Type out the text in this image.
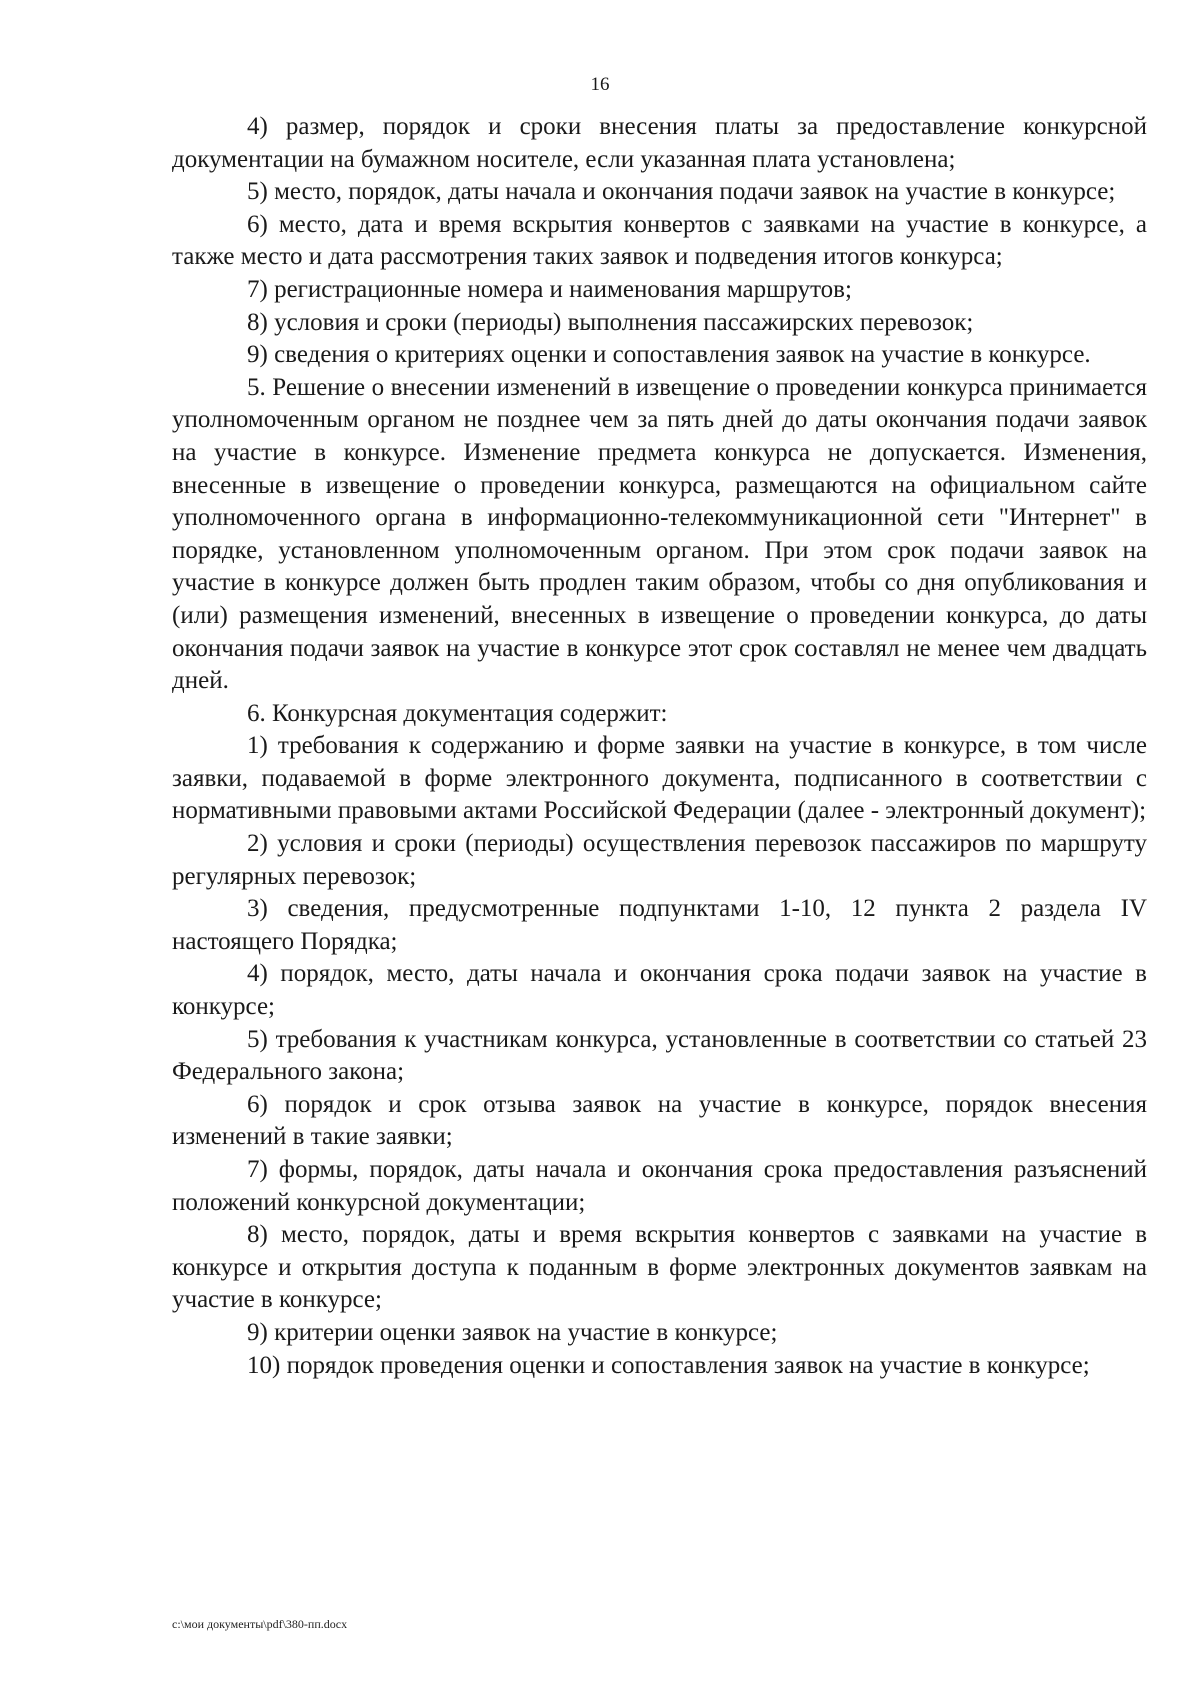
16

4) размер, порядок и сроки внесения платы за предоставление конкурсной документации на бумажном носителе, если указанная плата установлена;

5) место, порядок, даты начала и окончания подачи заявок на участие в конкурсе;

6) место, дата и время вскрытия конвертов с заявками на участие в конкурсе, а также место и дата рассмотрения таких заявок и подведения итогов конкурса;

7) регистрационные номера и наименования маршрутов;

8) условия и сроки (периоды) выполнения пассажирских перевозок;

9) сведения о критериях оценки и сопоставления заявок на участие в конкурсе.

5. Решение о внесении изменений в извещение о проведении конкурса принимается уполномоченным органом не позднее чем за пять дней до даты окончания подачи заявок на участие в конкурсе. Изменение предмета конкурса не допускается. Изменения, внесенные в извещение о проведении конкурса, размещаются на официальном сайте уполномоченного органа в информационно-телекоммуникационной сети "Интернет" в порядке, установленном уполномоченным органом. При этом срок подачи заявок на участие в конкурсе должен быть продлен таким образом, чтобы со дня опубликования и (или) размещения изменений, внесенных в извещение о проведении конкурса, до даты окончания подачи заявок на участие в конкурсе этот срок составлял не менее чем двадцать дней.

6. Конкурсная документация содержит:

1) требования к содержанию и форме заявки на участие в конкурсе, в том числе заявки, подаваемой в форме электронного документа, подписанного в соответствии с нормативными правовыми актами Российской Федерации (далее - электронный документ);

2) условия и сроки (периоды) осуществления перевозок пассажиров по маршруту регулярных перевозок;

3) сведения, предусмотренные подпунктами 1-10, 12 пункта 2 раздела IV настоящего Порядка;

4) порядок, место, даты начала и окончания срока подачи заявок на участие в конкурсе;

5) требования к участникам конкурса, установленные в соответствии со статьей 23 Федерального закона;

6) порядок и срок отзыва заявок на участие в конкурсе, порядок внесения изменений в такие заявки;

7) формы, порядок, даты начала и окончания срока предоставления разъяснений положений конкурсной документации;

8) место, порядок, даты и время вскрытия конвертов с заявками на участие в конкурсе и открытия доступа к поданным в форме электронных документов заявкам на участие в конкурсе;

9) критерии оценки заявок на участие в конкурсе;

10) порядок проведения оценки и сопоставления заявок на участие в конкурсе;

c:\мои документы\pdf\380-пп.docx
